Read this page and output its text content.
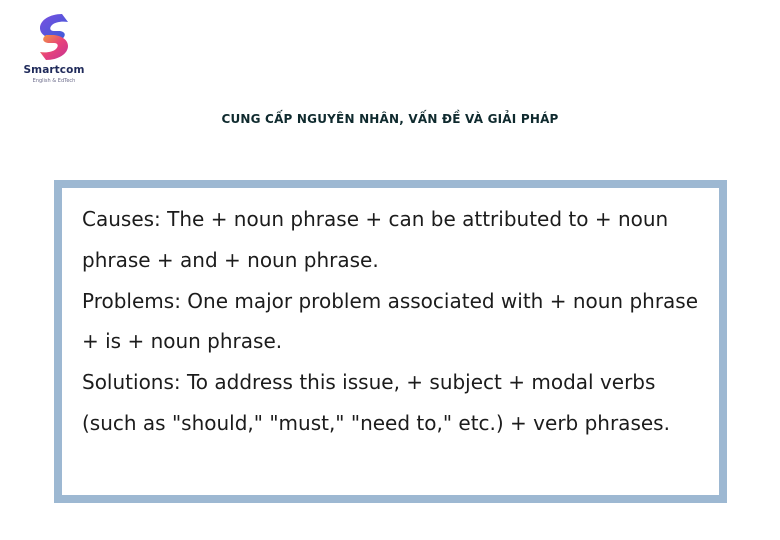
Smartcom
English & EdTech
CUNG CẤP NGUYÊN NHÂN, VẤN ĐỀ VÀ GIẢI PHÁP

Causes: The + noun phrase + can be attributed to + noun phrase + and + noun phrase.

Problems: One major problem associated with + noun phrase + is + noun phrase.

Solutions: To address this issue, + subject + modal verbs (such as "should," "must," "need to," etc.) + verb phrases.
